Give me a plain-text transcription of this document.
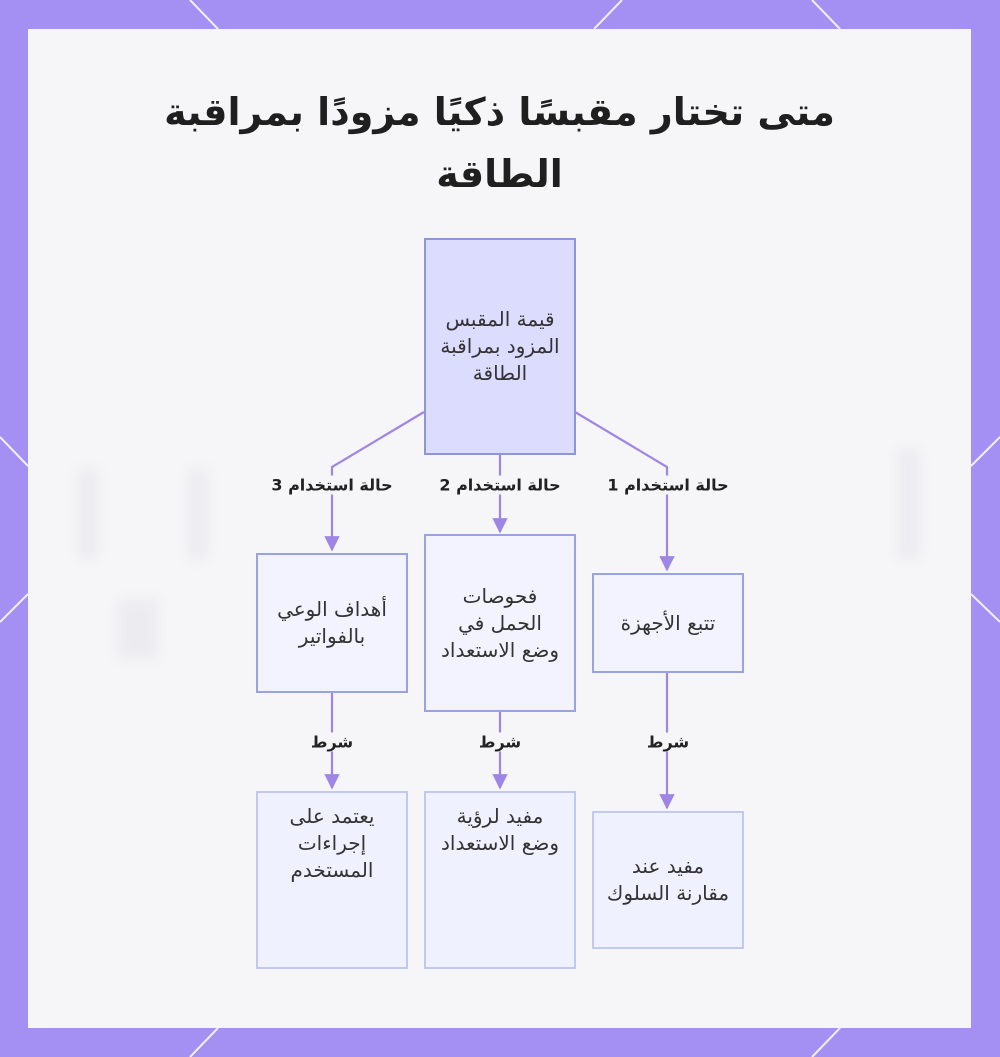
متى تختار مقبسًا ذكيًا مزودًا بمراقبة الطاقة
قيمة المقبس المزود بمراقبة الطاقة
تتبع الأجهزة
فحوصات الحمل في وضع الاستعداد
أهداف الوعي بالفواتير
مفيد عند مقارنة السلوك
مفيد لرؤية وضع الاستعداد
يعتمد على إجراءات المستخدم
حالة استخدام 1
حالة استخدام 2
حالة استخدام 3
شرط
شرط
شرط
